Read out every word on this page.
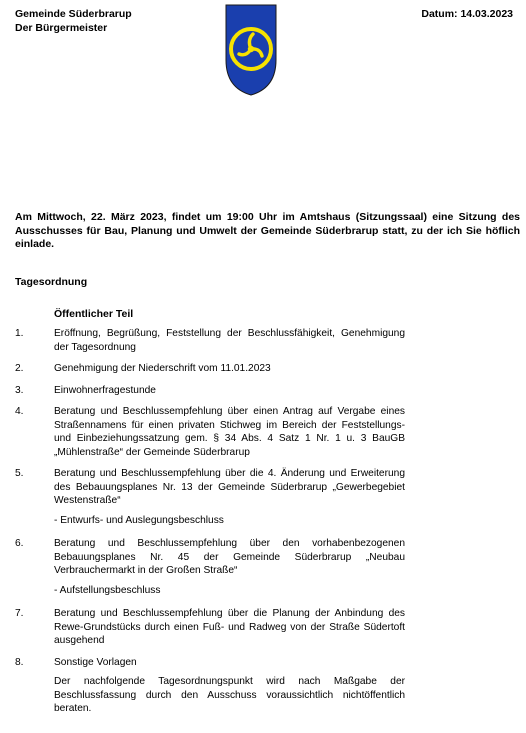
Gemeinde Süderbrarup
Der Bürgermeister
Datum: 14.03.2023
Am Mittwoch, 22. März 2023, findet um 19:00 Uhr im Amtshaus (Sitzungssaal) eine Sitzung des Ausschusses für Bau, Planung und Umwelt der Gemeinde Süderbrarup statt, zu der ich Sie höflich einlade.
Tagesordnung
Öffentlicher Teil
1.	Eröffnung, Begrüßung, Feststellung der Beschlussfähigkeit, Genehmigung der Tagesordnung
2.	Genehmigung der Niederschrift vom 11.01.2023
3.	Einwohnerfragestunde
4.	Beratung und Beschlussempfehlung über einen Antrag auf Vergabe eines Straßennamens für einen privaten Stichweg im Bereich der Feststellungs- und Einbeziehungssatzung gem. § 34 Abs. 4 Satz 1 Nr. 1 u. 3 BauGB „Mühlenstraße“ der Gemeinde Süderbrarup
5.	Beratung und Beschlussempfehlung über die 4. Änderung und Erweiterung des Bebauungsplanes Nr. 13 der Gemeinde Süderbrarup „Gewerbegebiet Westenstraße“
- Entwurfs- und Auslegungsbeschluss
6.	Beratung und Beschlussempfehlung über den vorhabenbezogenen Bebauungsplanes Nr. 45 der Gemeinde Süderbrarup „Neubau Verbrauchermarkt in der Großen Straße“
- Aufstellungsbeschluss
7.	Beratung und Beschlussempfehlung über die Planung der Anbindung des Rewe-Grundstücks durch einen Fuß- und Radweg von der Straße Südertoft ausgehend
8.	Sonstige Vorlagen
Der nachfolgende Tagesordnungspunkt wird nach Maßgabe der Beschlussfassung durch den Ausschuss voraussichtlich nichtöffentlich beraten.
